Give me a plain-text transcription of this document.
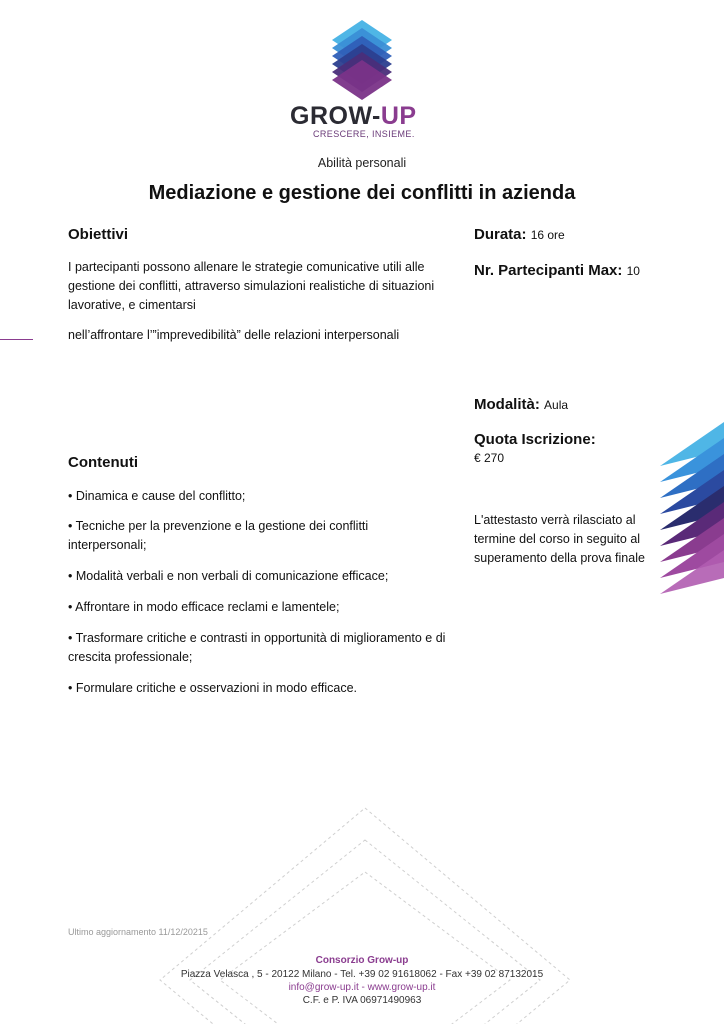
GROW-UP
CRESCERE, INSIEME.
Abilità personali
Mediazione e gestione dei conflitti in azienda
Obiettivi
I partecipanti possono allenare le strategie comunicative utili alle gestione dei conflitti, attraverso simulazioni realistiche di situazioni lavorative, e cimentarsi
nell’affrontare l’”imprevedibilità” delle relazioni interpersonali
Durata: 16 ore
Nr. Partecipanti Max: 10
Modalità: Aula
Quota Iscrizione:
€ 270
L'attestasto verrà rilasciato al termine del corso in seguito al superamento della prova finale
Contenuti
• Dinamica e cause del conflitto;
• Tecniche per la prevenzione e la gestione dei conflitti interpersonali;
• Modalità verbali e non verbali di comunicazione efficace;
• Affrontare in modo efficace reclami e lamentele;
• Trasformare critiche e contrasti in opportunità di miglioramento e di crescita professionale;
• Formulare critiche e osservazioni in modo efficace.
Ultimo aggiornamento 11/12/20215
Consorzio Grow-up
Piazza Velasca , 5 - 20122 Milano - Tel. +39 02 91618062 - Fax +39 02 87132015
info@grow-up.it - www.grow-up.it
C.F. e P. IVA 06971490963
